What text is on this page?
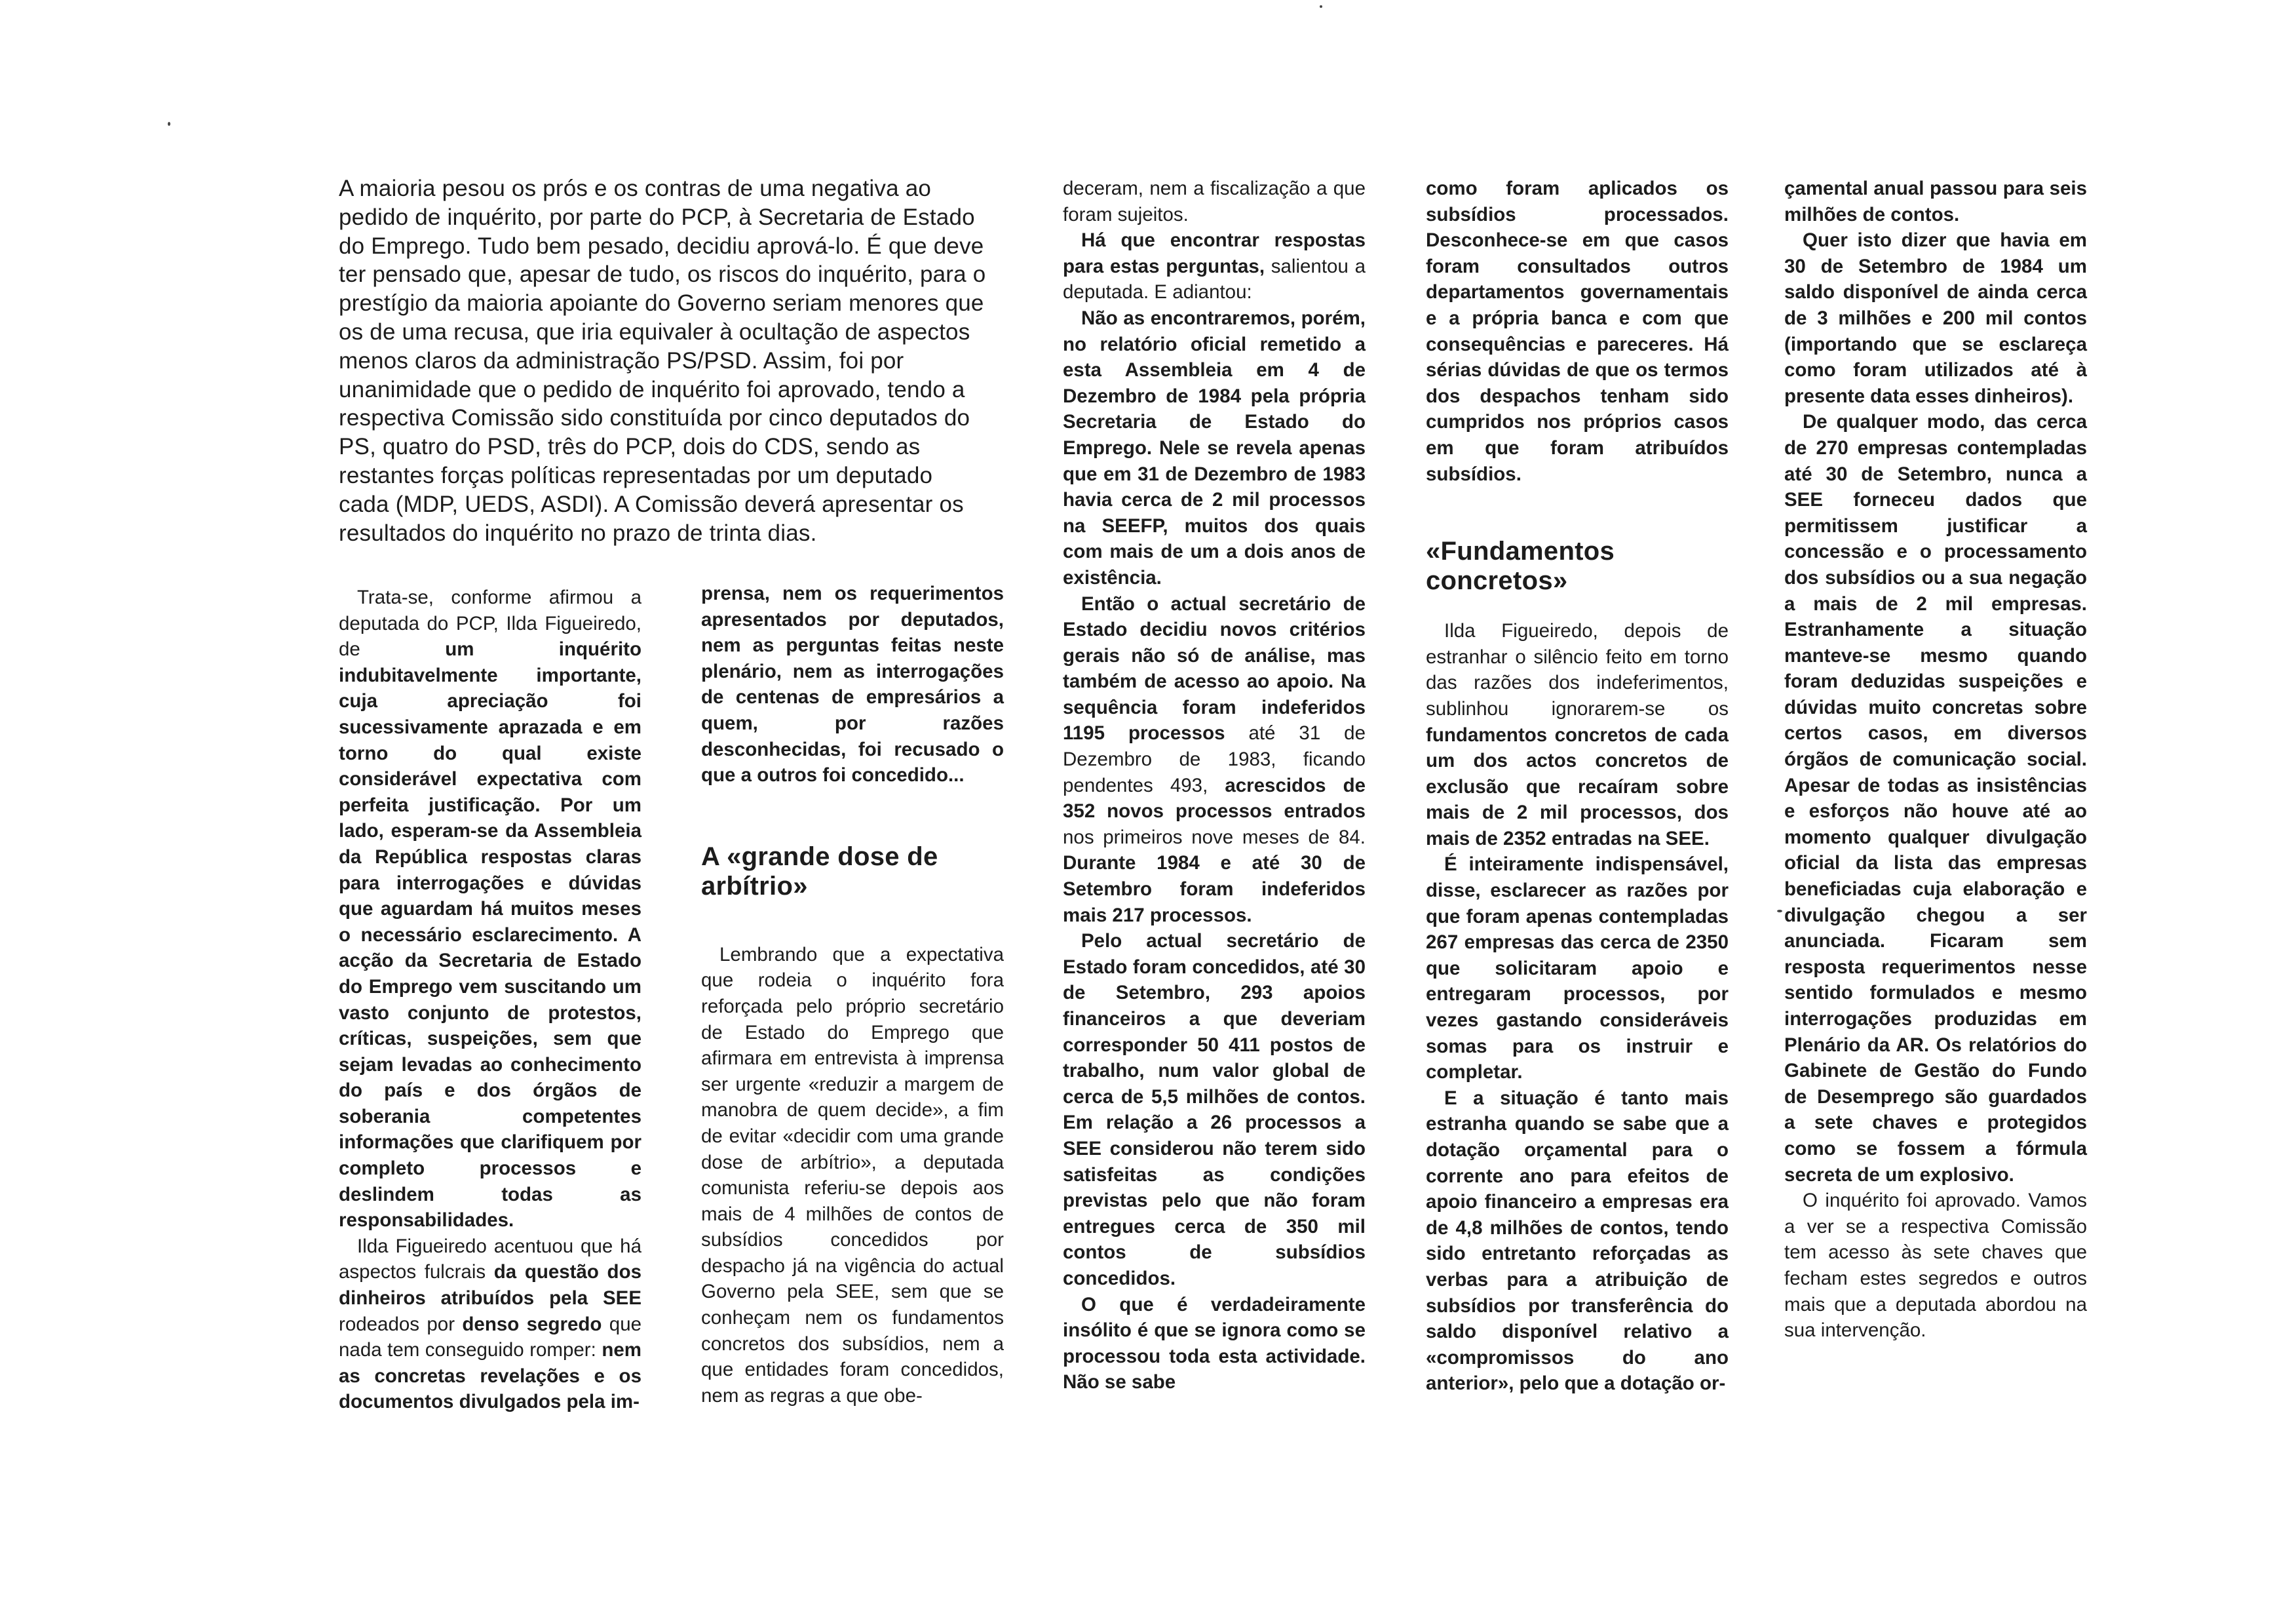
A maioria pesou os prós e os contras de uma negativa ao pedido de inquérito, por parte do PCP, à Secretaria de Estado do Emprego. Tudo bem pesado, decidiu aprová-lo. É que deve ter pensado que, apesar de tudo, os riscos do inquérito, para o prestígio da maioria apoiante do Governo seriam menores que os de uma recusa, que iria equivaler à ocultação de aspectos menos claros da administração PS/PSD. Assim, foi por unanimidade que o pedido de inquérito foi aprovado, tendo a respectiva Comissão sido constituída por cinco deputados do PS, quatro do PSD, três do PCP, dois do CDS, sendo as restantes forças políticas representadas por um deputado cada (MDP, UEDS, ASDI). A Comissão deverá apresentar os resultados do inquérito no prazo de trinta dias.

Trata-se, conforme afirmou a deputada do PCP, Ilda Figueiredo, de um inquérito indubitavelmente importante, cuja apreciação foi sucessivamente aprazada e em torno do qual existe considerável expectativa com perfeita justificação. Por um lado, esperam-se da Assembleia da República respostas claras para interrogações e dúvidas que aguardam há muitos meses o necessário esclarecimento. A acção da Secretaria de Estado do Emprego vem suscitando um vasto conjunto de protestos, críticas, suspeições, sem que sejam levadas ao conhecimento do país e dos órgãos de soberania competentes informações que clarifiquem por completo processos e deslindem todas as responsabilidades.

Ilda Figueiredo acentuou que há aspectos fulcrais da questão dos dinheiros atribuídos pela SEE rodeados por denso segredo que nada tem conseguido romper: nem as concretas revelações e os documentos divulgados pela im-

prensa, nem os requerimentos apresentados por deputados, nem as perguntas feitas neste plenário, nem as interrogações de centenas de empresários a quem, por razões desconhecidas, foi recusado o que a outros foi concedido...

A «grande dose de arbítrio»

Lembrando que a expectativa que rodeia o inquérito fora reforçada pelo próprio secretário de Estado do Emprego que afirmara em entrevista à imprensa ser urgente «reduzir a margem de manobra de quem decide», a fim de evitar «decidir com uma grande dose de arbítrio», a deputada comunista referiu-se depois aos mais de 4 milhões de contos de subsídios concedidos por despacho já na vigência do actual Governo pela SEE, sem que se conheçam nem os fundamentos concretos dos subsídios, nem a que entidades foram concedidos, nem as regras a que obe-

deceram, nem a fiscalização a que foram sujeitos.

Há que encontrar respostas para estas perguntas, salientou a deputada. E adiantou:

Não as encontraremos, porém, no relatório oficial remetido a esta Assembleia em 4 de Dezembro de 1984 pela própria Secretaria de Estado do Emprego. Nele se revela apenas que em 31 de Dezembro de 1983 havia cerca de 2 mil processos na SEEFP, muitos dos quais com mais de um a dois anos de existência.

Então o actual secretário de Estado decidiu novos critérios gerais não só de análise, mas também de acesso ao apoio. Na sequência foram indeferidos 1195 processos até 31 de Dezembro de 1983, ficando pendentes 493, acrescidos de 352 novos processos entrados nos primeiros nove meses de 84. Durante 1984 e até 30 de Setembro foram indeferidos mais 217 processos.

Pelo actual secretário de Estado foram concedidos, até 30 de Setembro, 293 apoios financeiros a que deveriam corresponder 50 411 postos de trabalho, num valor global de cerca de 5,5 milhões de contos. Em relação a 26 processos a SEE considerou não terem sido satisfeitas as condições previstas pelo que não foram entregues cerca de 350 mil contos de subsídios concedidos.

O que é verdadeiramente insólito é que se ignora como se processou toda esta actividade. Não se sabe

como foram aplicados os subsídios processados. Desconhece-se em que casos foram consultados outros departamentos governamentais e a própria banca e com que consequências e pareceres. Há sérias dúvidas de que os termos dos despachos tenham sido cumpridos nos próprios casos em que foram atribuídos subsídios.

«Fundamentos concretos»

Ilda Figueiredo, depois de estranhar o silêncio feito em torno das razões dos indeferimentos, sublinhou ignorarem-se os fundamentos concretos de cada um dos actos concretos de exclusão que recaíram sobre mais de 2 mil processos, dos mais de 2352 entradas na SEE.

É inteiramente indispensável, disse, esclarecer as razões por que foram apenas contempladas 267 empresas das cerca de 2350 que solicitaram apoio e entregaram processos, por vezes gastando consideráveis somas para os instruir e completar.

E a situação é tanto mais estranha quando se sabe que a dotação orçamental para o corrente ano para efeitos de apoio financeiro a empresas era de 4,8 milhões de contos, tendo sido entretanto reforçadas as verbas para a atribuição de subsídios por transferência do saldo disponível relativo a «compromissos do ano anterior», pelo que a dotação or-

çamental anual passou para seis milhões de contos.

Quer isto dizer que havia em 30 de Setembro de 1984 um saldo disponível de ainda cerca de 3 milhões e 200 mil contos (importando que se esclareça como foram utilizados até à presente data esses dinheiros).

De qualquer modo, das cerca de 270 empresas contempladas até 30 de Setembro, nunca a SEE forneceu dados que permitissem justificar a concessão e o processamento dos subsídios ou a sua negação a mais de 2 mil empresas. Estranhamente a situação manteve-se mesmo quando foram deduzidas suspeições e dúvidas muito concretas sobre certos casos, em diversos órgãos de comunicação social. Apesar de todas as insistências e esforços não houve até ao momento qualquer divulgação oficial da lista das empresas beneficiadas cuja elaboração e divulgação chegou a ser anunciada. Ficaram sem resposta requerimentos nesse sentido formulados e mesmo interrogações produzidas em Plenário da AR. Os relatórios do Gabinete de Gestão do Fundo de Desemprego são guardados a sete chaves e protegidos como se fossem a fórmula secreta de um explosivo.

O inquérito foi aprovado. Vamos a ver se a respectiva Comissão tem acesso às sete chaves que fecham estes segredos e outros mais que a deputada abordou na sua intervenção.
